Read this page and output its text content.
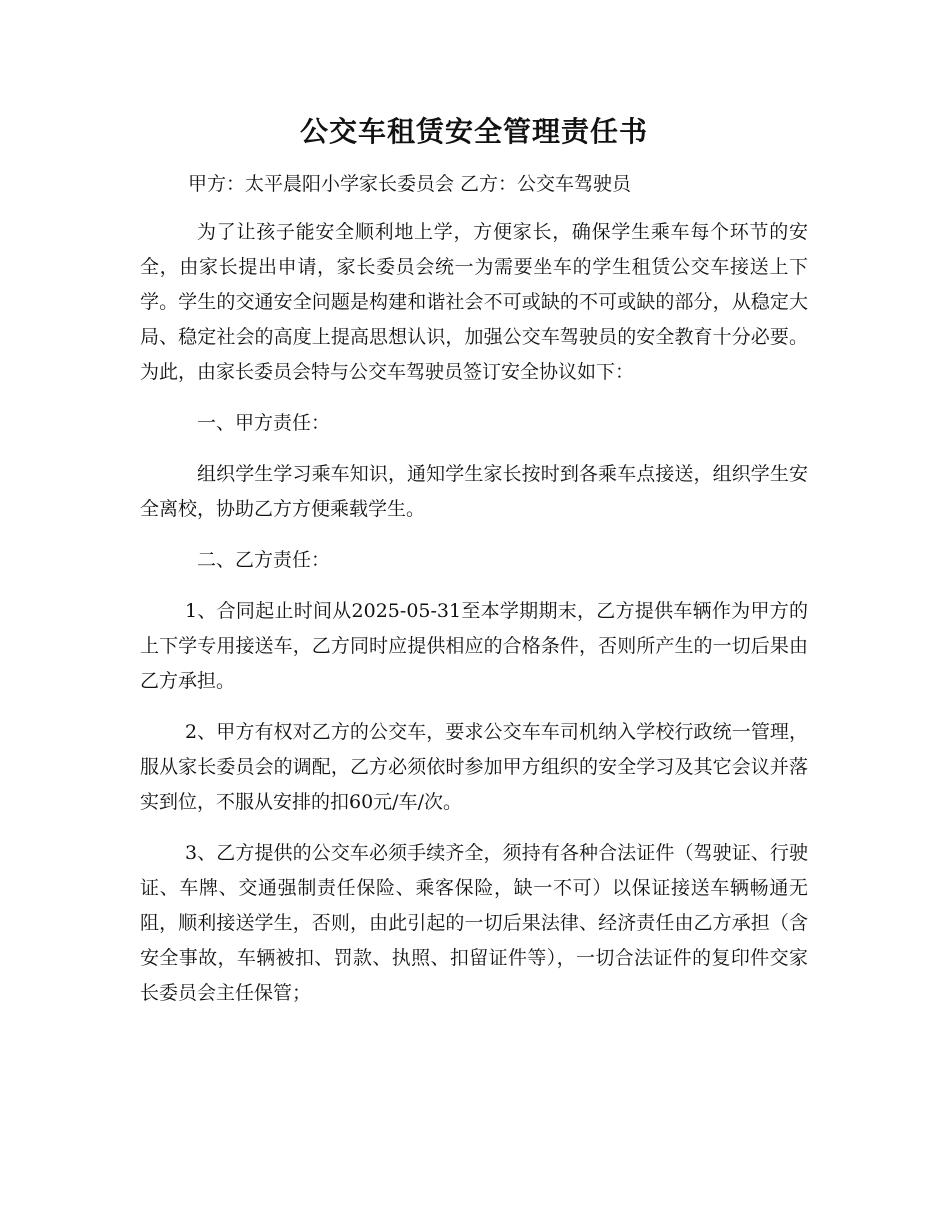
公交车租赁安全管理责任书

甲方：太平晨阳小学家长委员会 乙方：公交车驾驶员

为了让孩子能安全顺利地上学，方便家长，确保学生乘车每个环节的安全，由家长提出申请，家长委员会统一为需要坐车的学生租赁公交车接送上下学。学生的交通安全问题是构建和谐社会不可或缺的不可或缺的部分，从稳定大局、稳定社会的高度上提高思想认识，加强公交车驾驶员的安全教育十分必要。为此，由家长委员会特与公交车驾驶员签订安全协议如下：

一、甲方责任：

组织学生学习乘车知识，通知学生家长按时到各乘车点接送，组织学生安全离校，协助乙方方便乘载学生。

二、乙方责任：

1、合同起止时间从2025-05-31至本学期期末，乙方提供车辆作为甲方的上下学专用接送车，乙方同时应提供相应的合格条件，否则所产生的一切后果由乙方承担。

2、甲方有权对乙方的公交车，要求公交车车司机纳入学校行政统一管理，服从家长委员会的调配，乙方必须依时参加甲方组织的安全学习及其它会议并落实到位，不服从安排的扣60元/车/次。

3、乙方提供的公交车必须手续齐全，须持有各种合法证件（驾驶证、行驶证、车牌、交通强制责任保险、乘客保险，缺一不可）以保证接送车辆畅通无阻，顺利接送学生，否则，由此引起的一切后果法律、经济责任由乙方承担（含安全事故，车辆被扣、罚款、执照、扣留证件等），一切合法证件的复印件交家长委员会主任保管；
